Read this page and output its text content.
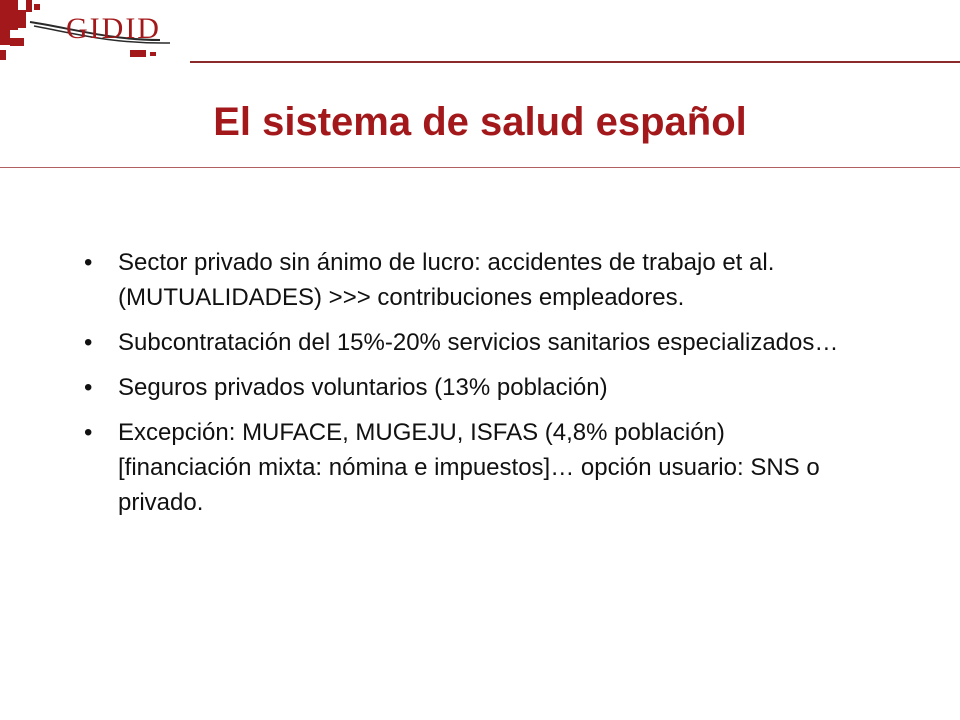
GIDID
El sistema de salud español
• Sector privado sin ánimo de lucro: accidentes de trabajo et al. (MUTUALIDADES) >>> contribuciones empleadores.
• Subcontratación del 15%-20% servicios sanitarios especializados…
• Seguros privados voluntarios (13% población)
• Excepción: MUFACE, MUGEJU, ISFAS (4,8% población) [financiación mixta: nómina e impuestos]… opción usuario: SNS o privado.
